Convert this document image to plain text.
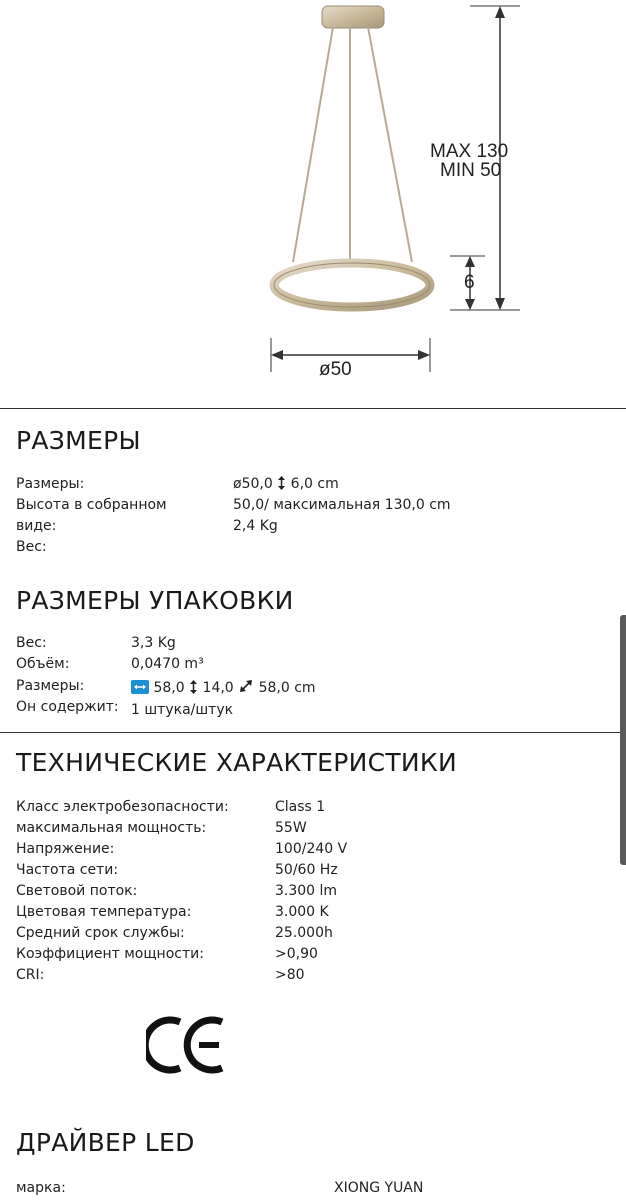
MAX 130
MIN 50
6
ø50
РАЗМЕРЫ
Размеры:
Высота в собранном
виде:
Вес:
ø50,0 6,0 cm
50,0/ максимальная 130,0 cm
2,4 Kg
РАЗМЕРЫ УПАКОВКИ
Вес:
Объём:
Размеры:
Он содержит:
3,3 Kg
0,0470 m³
58,0 14,0 58,0 cm
1 штука/штук
ТЕХНИЧЕСКИЕ ХАРАКТЕРИСТИКИ
Класс электробезопасности:
максимальная мощность:
Напряжение:
Частота сети:
Световой поток:
Цветовая температура:
Средний срок службы:
Коэффициент мощности:
CRI:
Class 1
55W
100/240 V
50/60 Hz
3.300 lm
3.000 K
25.000h
>0,90
>80
ДРАЙВЕР LED
марка:	XIONG YUAN
